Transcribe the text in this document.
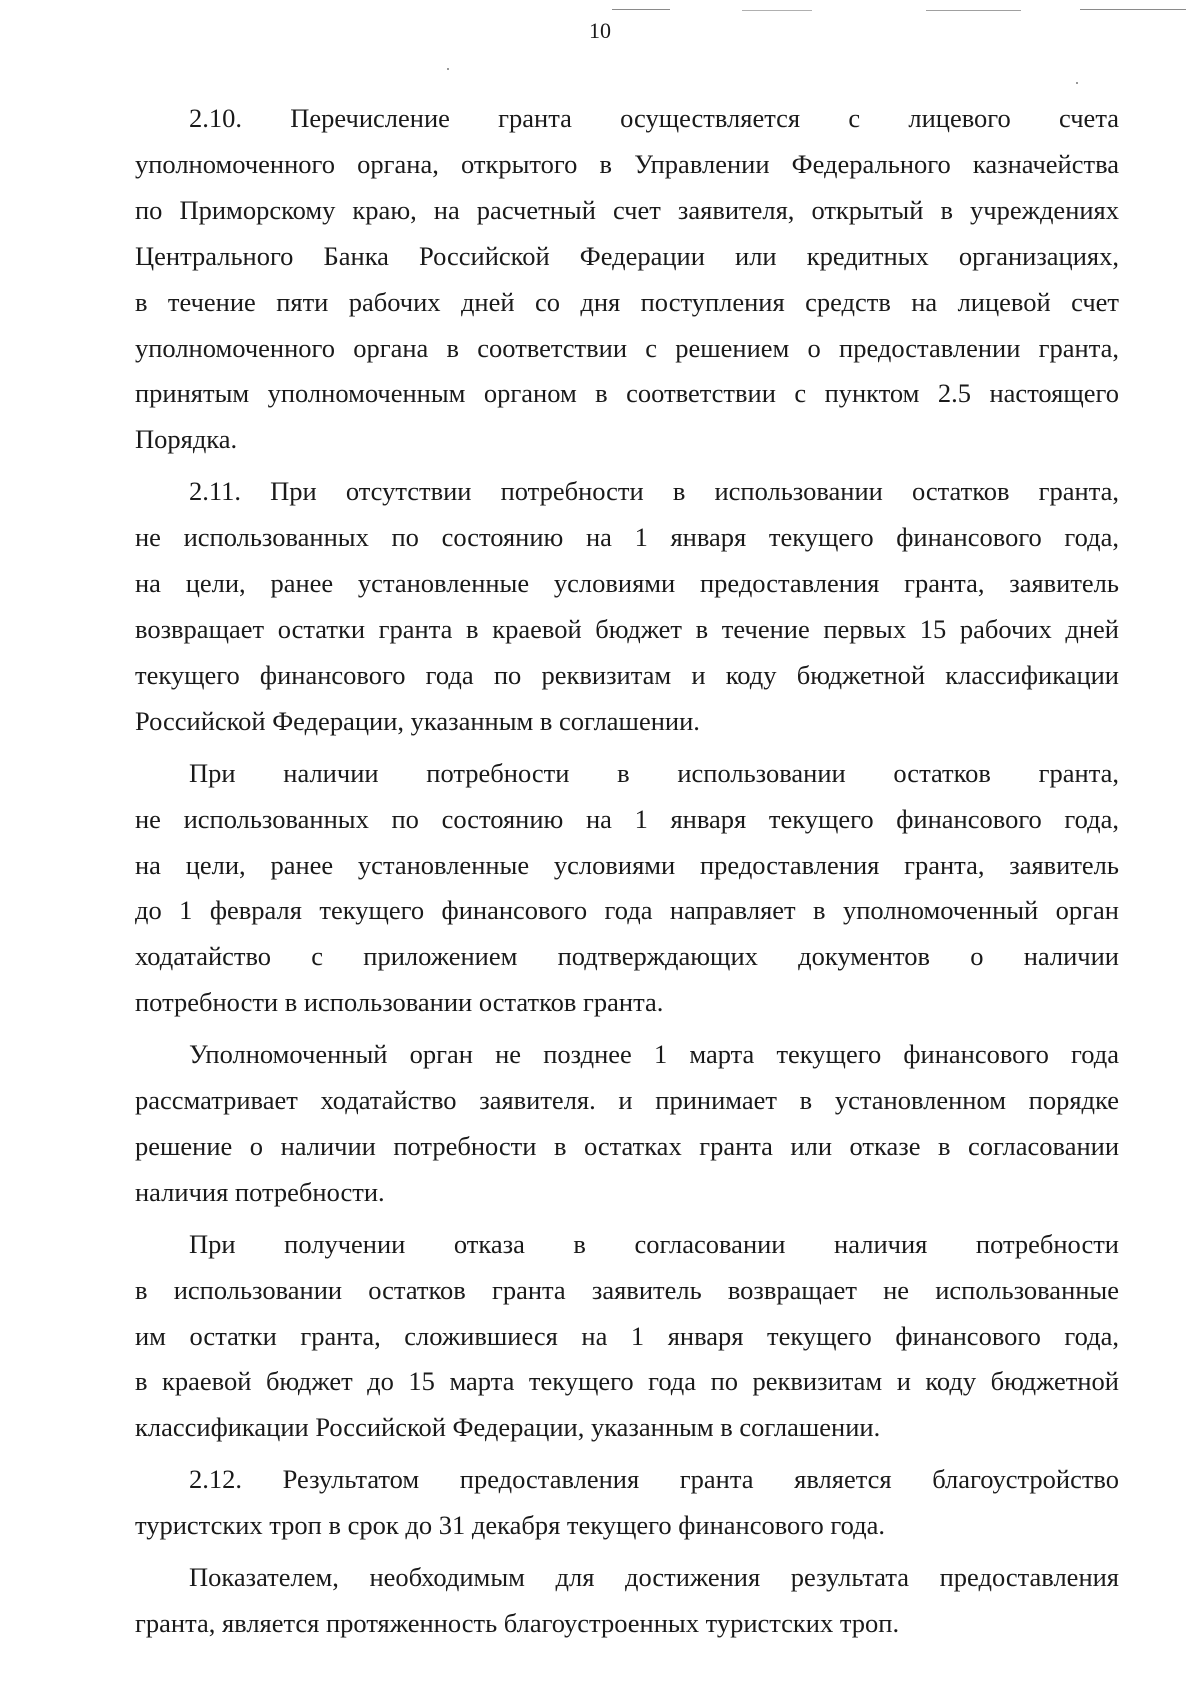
10
2.10. Перечисление гранта осуществляется с лицевого счета
уполномоченного органа, открытого в Управлении Федерального казначейства
по Приморскому краю, на расчетный счет заявителя, открытый в учреждениях
Центрального Банка Российской Федерации или кредитных организациях,
в течение пяти рабочих дней со дня поступления средств на лицевой счет
уполномоченного органа в соответствии с решением о предоставлении гранта,
принятым уполномоченным органом в соответствии с пунктом 2.5 настоящего
Порядка.
2.11. При отсутствии потребности в использовании остатков гранта,
не использованных по состоянию на 1 января текущего финансового года,
на цели, ранее установленные условиями предоставления гранта, заявитель
возвращает остатки гранта в краевой бюджет в течение первых 15 рабочих дней
текущего финансового года по реквизитам и коду бюджетной классификации
Российской Федерации, указанным в соглашении.
При наличии потребности в использовании остатков гранта,
не использованных по состоянию на 1 января текущего финансового года,
на цели, ранее установленные условиями предоставления гранта, заявитель
до 1 февраля текущего финансового года направляет в уполномоченный орган
ходатайство с приложением подтверждающих документов о наличии
потребности в использовании остатков гранта.
Уполномоченный орган не позднее 1 марта текущего финансового года
рассматривает ходатайство заявителя. и принимает в установленном порядке
решение о наличии потребности в остатках гранта или отказе в согласовании
наличия потребности.
При получении отказа в согласовании наличия потребности
в использовании остатков гранта заявитель возвращает не использованные
им остатки гранта, сложившиеся на 1 января текущего финансового года,
в краевой бюджет до 15 марта текущего года по реквизитам и коду бюджетной
классификации Российской Федерации, указанным в соглашении.
2.12. Результатом предоставления гранта является благоустройство
туристских троп в срок до 31 декабря текущего финансового года.
Показателем, необходимым для достижения результата предоставления
гранта, является протяженность благоустроенных туристских троп.
